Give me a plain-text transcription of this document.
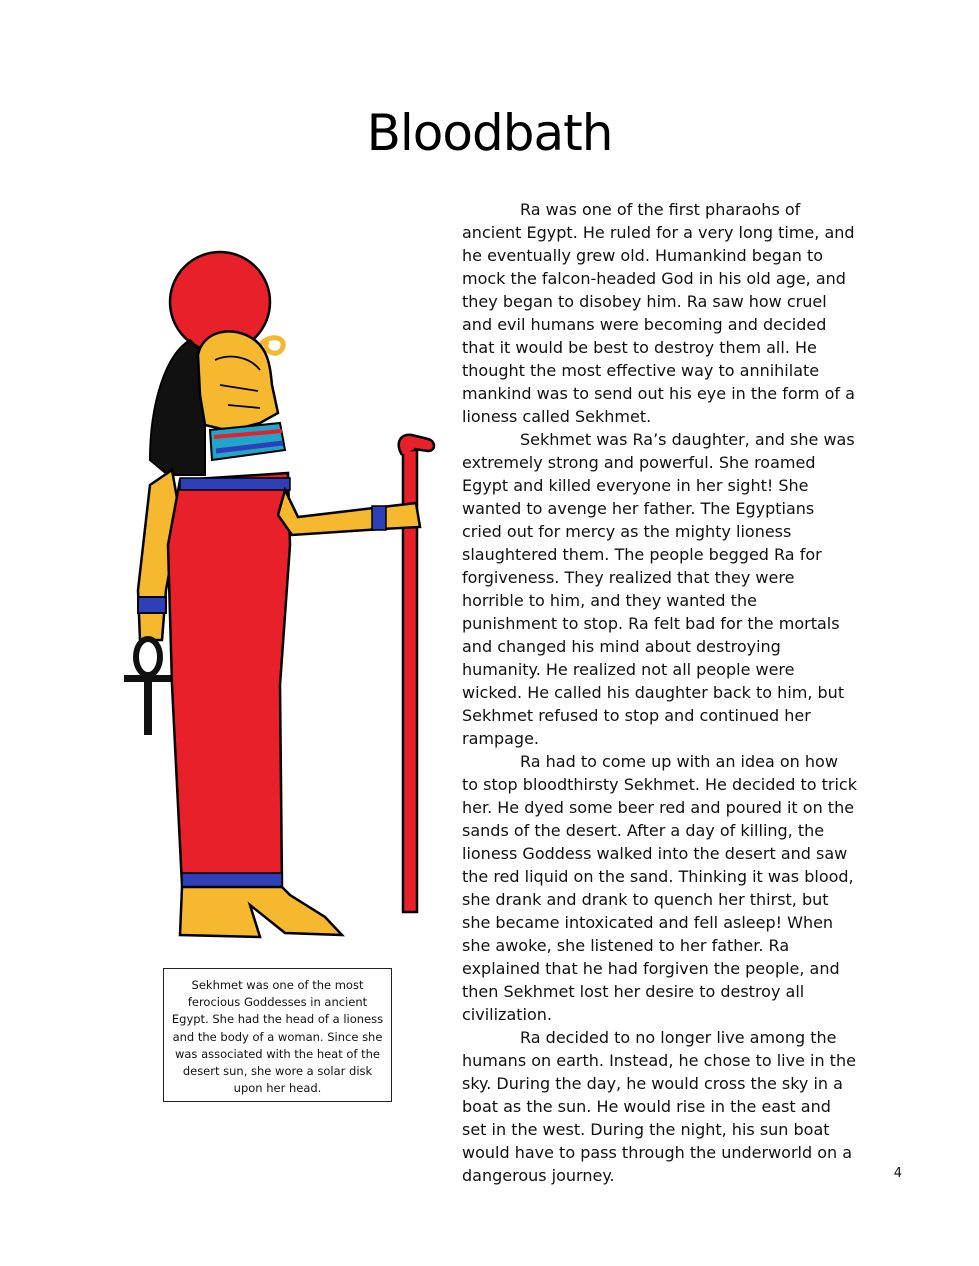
Bloodbath

Ra was one of the first pharaohs of ancient Egypt. He ruled for a very long time, and he eventually grew old. Humankind began to mock the falcon-headed God in his old age, and they began to disobey him. Ra saw how cruel and evil humans were becoming and decided that it would be best to destroy them all. He thought the most effective way to annihilate mankind was to send out his eye in the form of a lioness called Sekhmet.

Sekhmet was Ra’s daughter, and she was extremely strong and powerful. She roamed Egypt and killed everyone in her sight! She wanted to avenge her father. The Egyptians cried out for mercy as the mighty lioness slaughtered them. The people begged Ra for forgiveness. They realized that they were horrible to him, and they wanted the punishment to stop. Ra felt bad for the mortals and changed his mind about destroying humanity. He realized not all people were wicked. He called his daughter back to him, but Sekhmet refused to stop and continued her rampage.

Ra had to come up with an idea on how to stop bloodthirsty Sekhmet. He decided to trick her. He dyed some beer red and poured it on the sands of the desert. After a day of killing, the lioness Goddess walked into the desert and saw the red liquid on the sand. Thinking it was blood, she drank and drank to quench her thirst, but she became intoxicated and fell asleep! When she awoke, she listened to her father. Ra explained that he had forgiven the people, and then Sekhmet lost her desire to destroy all civilization.

Ra decided to no longer live among the humans on earth. Instead, he chose to live in the sky. During the day, he would cross the sky in a boat as the sun. He would rise in the east and set in the west. During the night, his sun boat would have to pass through the underworld on a dangerous journey.

Sekhmet was one of the most ferocious Goddesses in ancient Egypt. She had the head of a lioness and the body of a woman. Since she was associated with the heat of the desert sun, she wore a solar disk upon her head.
4
